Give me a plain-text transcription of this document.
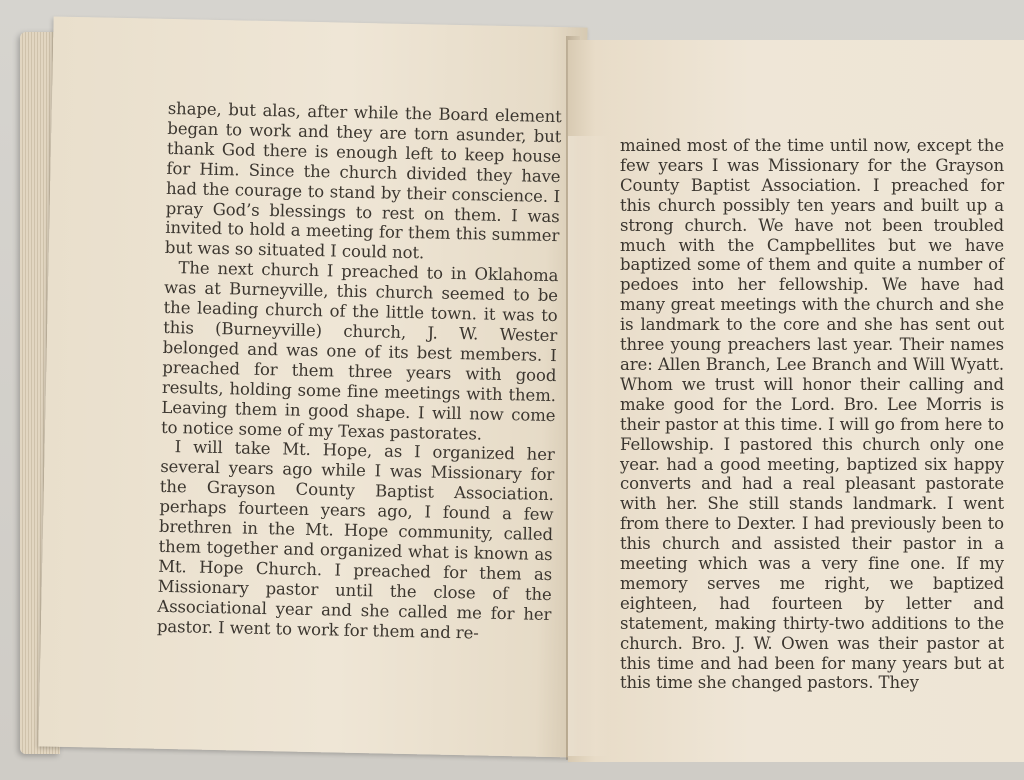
shape, but alas, after while the Board element began to work and they are torn asunder, but thank God there is enough left to keep house for Him. Since the church divided they have had the courage to stand by their conscience. I pray God’s blessings to rest on them. I was invited to hold a meeting for them this summer but was so situated I could not.

The next church I preached to in Oklahoma was at Burneyville, this church seemed to be the leading church of the little town. it was to this (Burneyville) church, J. W. Wester belonged and was one of its best members. I preached for them three years with good results, holding some fine meetings with them. Leaving them in good shape. I will now come to notice some of my Texas pastorates.

I will take Mt. Hope, as I organized her several years ago while I was Missionary for the Grayson County Baptist Association. perhaps fourteen years ago, I found a few brethren in the Mt. Hope community, called them together and organized what is known as Mt. Hope Church. I preached for them as Missionary pastor until the close of the Associational year and she called me for her pastor. I went to work for them and re-

mained most of the time until now, except the few years I was Missionary for the Grayson County Baptist Association. I preached for this church possibly ten years and built up a strong church. We have not been troubled much with the Campbellites but we have baptized some of them and quite a number of pedoes into her fellowship. We have had many great meetings with the church and she is landmark to the core and she has sent out three young preachers last year. Their names are: Allen Branch, Lee Branch and Will Wyatt. Whom we trust will honor their calling and make good for the Lord. Bro. Lee Morris is their pastor at this time. I will go from here to Fellowship. I pastored this church only one year. had a good meeting, baptized six happy converts and had a real pleasant pastorate with her. She still stands landmark. I went from there to Dexter. I had previously been to this church and assisted their pastor in a meeting which was a very fine one. If my memory serves me right, we baptized eighteen, had fourteen by letter and statement, making thirty-two additions to the church. Bro. J. W. Owen was their pastor at this time and had been for many years but at this time she changed pastors. They
